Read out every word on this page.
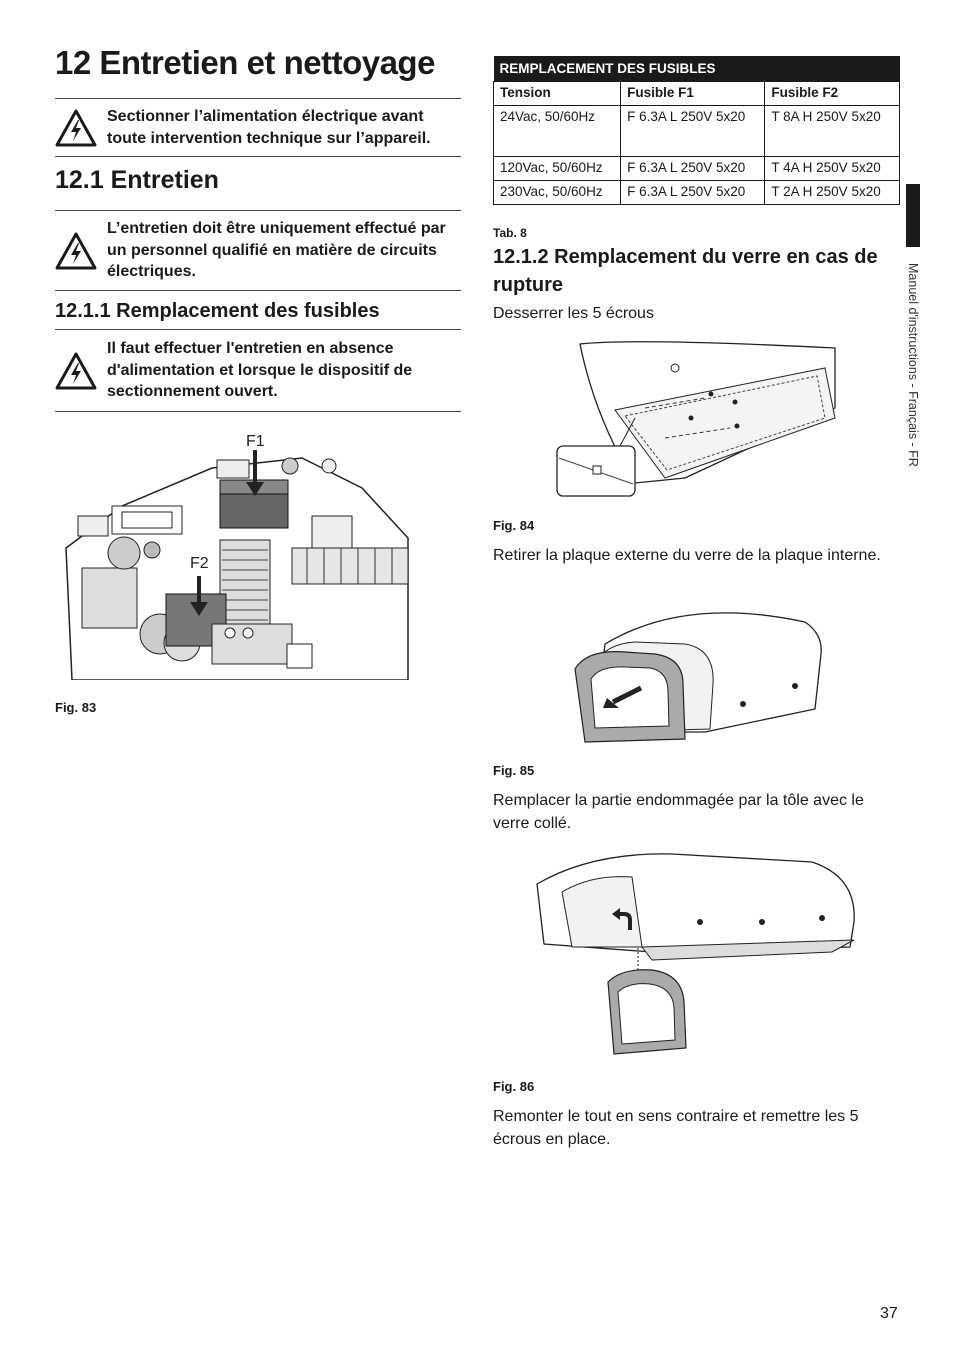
12 Entretien et nettoyage
Sectionner l’alimentation électrique avant toute intervention technique sur l’appareil.
12.1 Entretien
L’entretien doit être uniquement effectué par un personnel qualifié en matière de circuits électriques.
12.1.1 Remplacement des fusibles
Il faut effectuer l'entretien en absence d'alimentation et lorsque le dispositif de sectionnement ouvert.
F1
F2
Fig. 83
REMPLACEMENT DES FUSIBLES		
Tension	Fusible F1	Fusible F2
24Vac, 50/60Hz	F 6.3A L 250V 5x20	T 8A H 250V 5x20
120Vac, 50/60Hz	F 6.3A L 250V 5x20	T 4A H 250V 5x20
230Vac, 50/60Hz	F 6.3A L 250V 5x20	T 2A H 250V 5x20
Tab. 8
12.1.2 Remplacement du verre en cas de rupture
Desserrer les 5 écrous
Fig. 84
Retirer la plaque externe du verre de la plaque interne.
Fig. 85
Remplacer la partie endommagée par la tôle avec le verre collé.
Fig. 86
Remonter le tout en sens contraire et remettre les 5 écrous en place.
Manuel d'instructions - Français - FR
37
